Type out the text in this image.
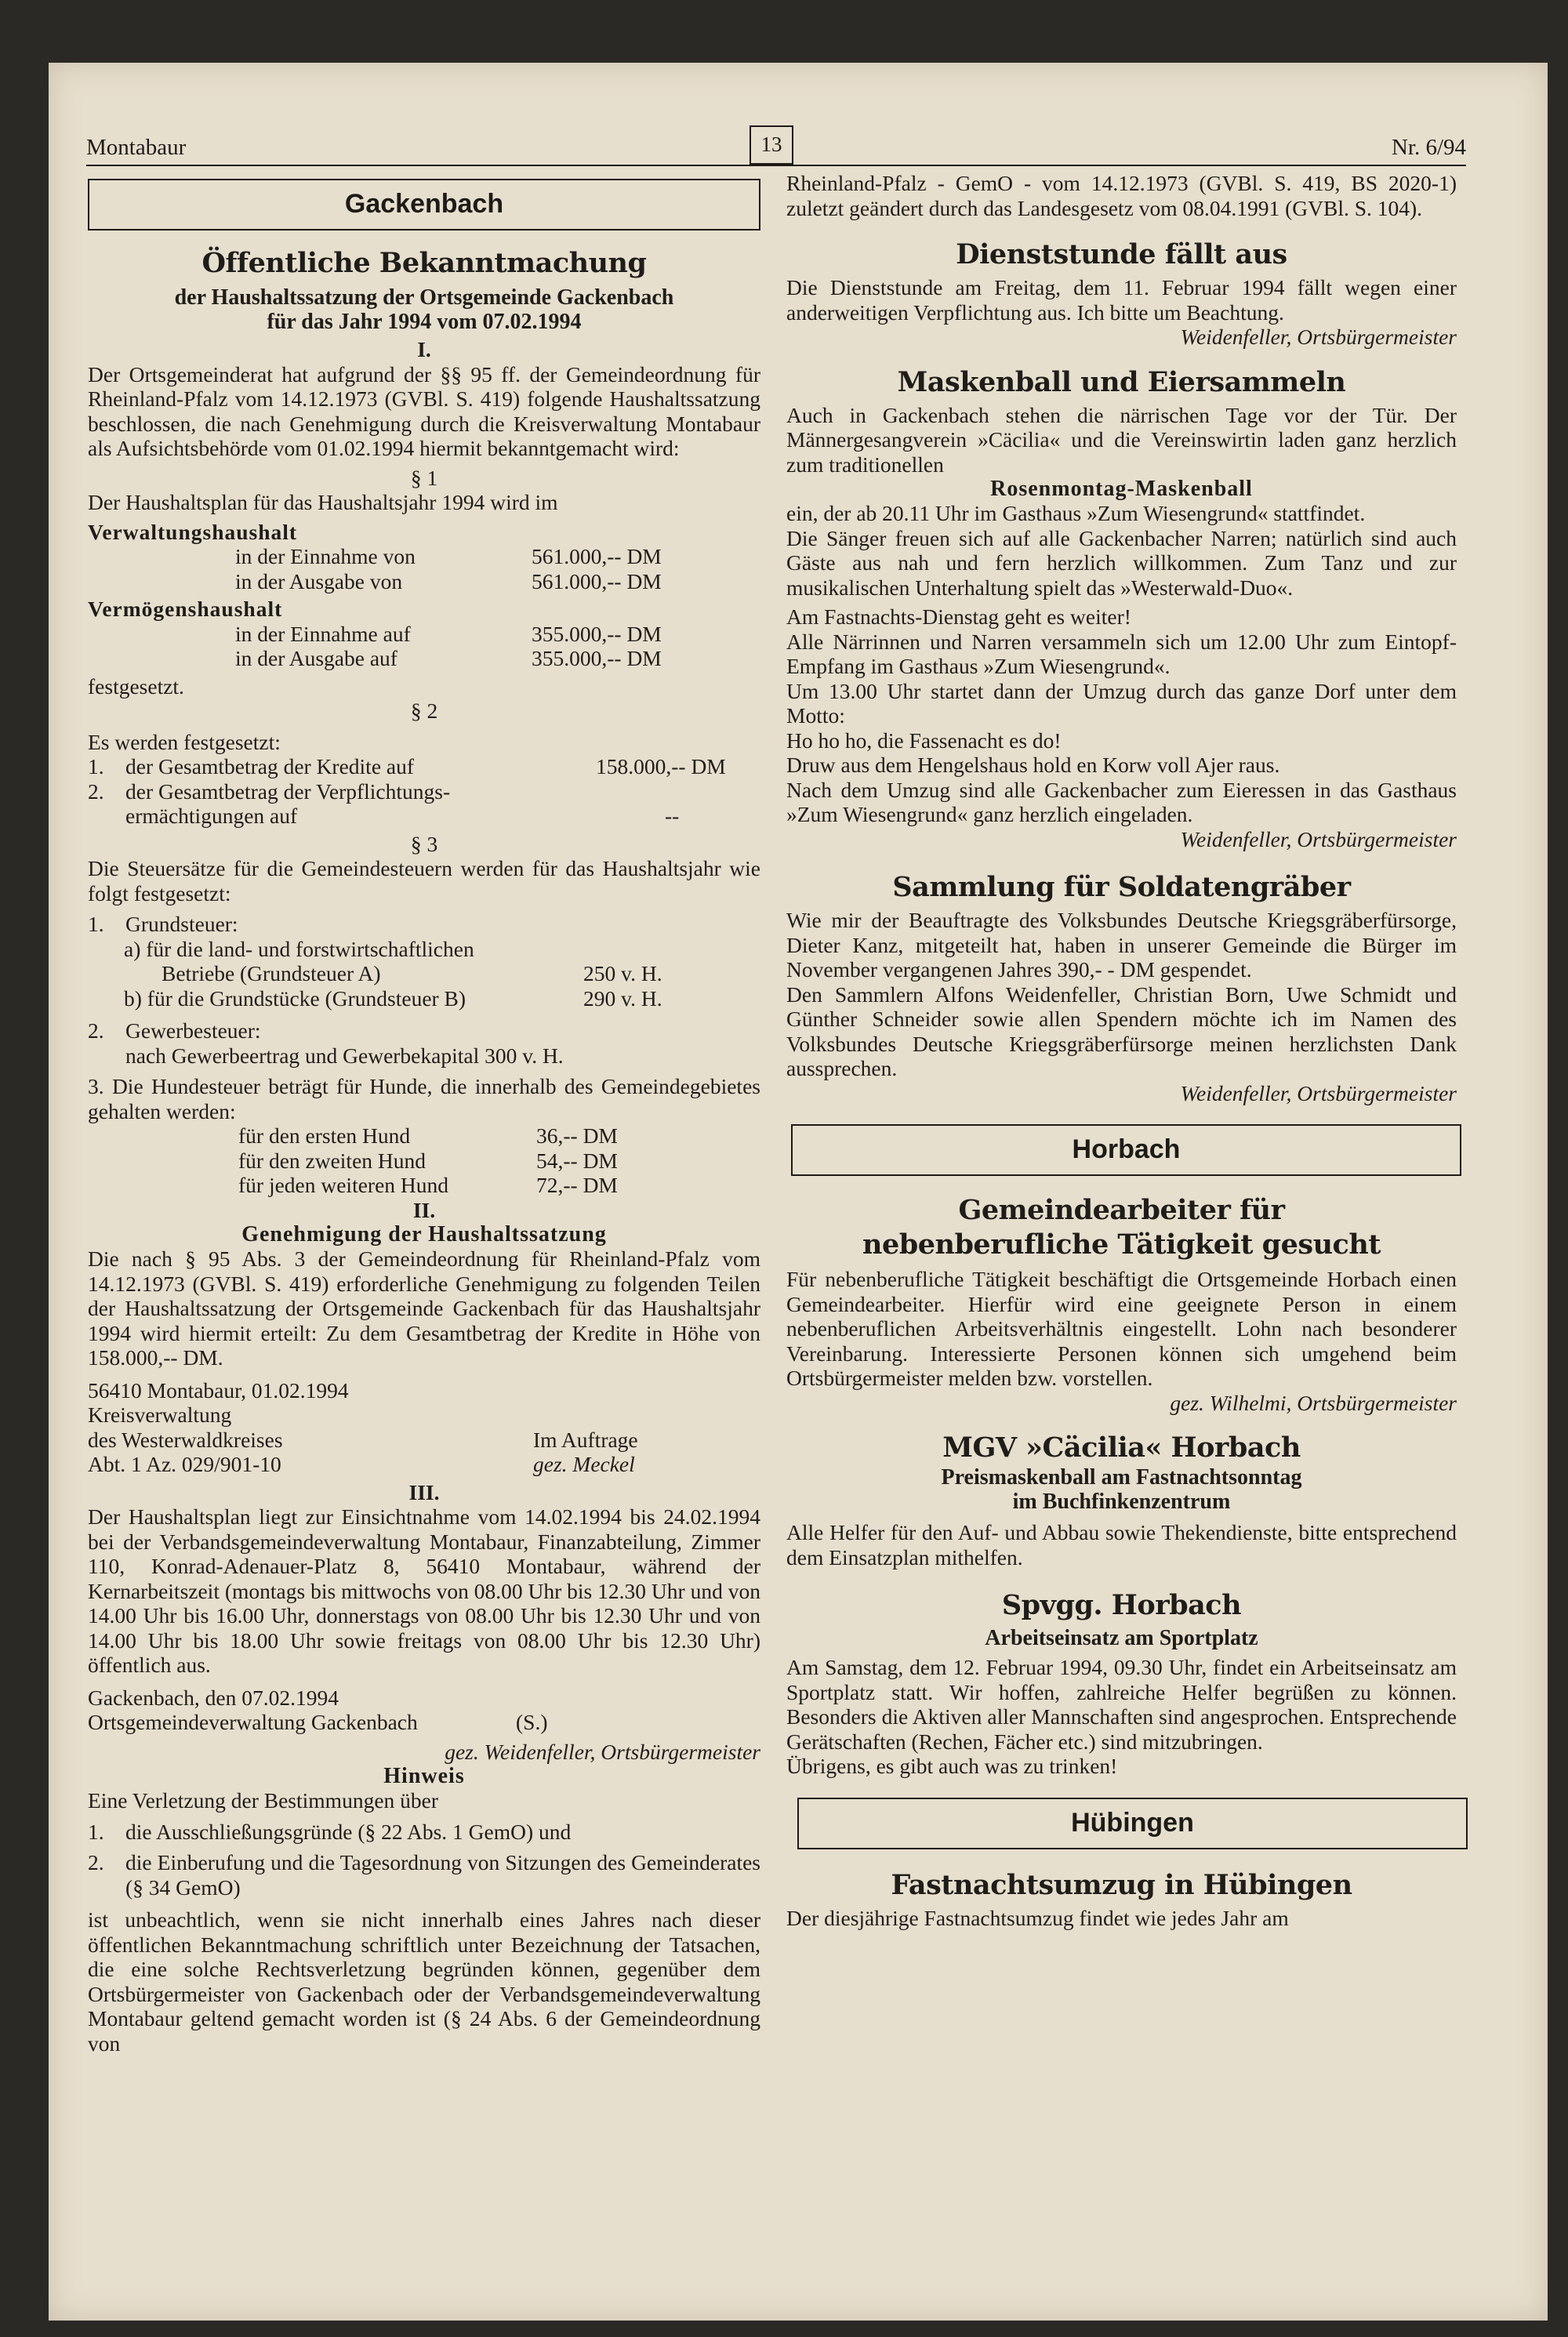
Montabaur	13	Nr. 6/94
Gackenbach
Öffentliche Bekanntmachung
der Haushaltssatzung der Ortsgemeinde Gackenbach
für das Jahr 1994 vom 07.02.1994

I.

Der Ortsgemeinderat hat aufgrund der §§ 95 ff. der Gemeindeordnung für Rheinland-Pfalz vom 14.12.1973 (GVBl. S. 419) folgende Haushaltssatzung beschlossen, die nach Genehmigung durch die Kreisverwaltung Montabaur als Aufsichtsbehörde vom 01.02.1994 hiermit bekanntgemacht wird:

§ 1

Der Haushaltsplan für das Haushaltsjahr 1994 wird im

Verwaltungshaushalt

in der Einnahme von	561.000,-- DM
in der Ausgabe von	561.000,-- DM

Vermögenshaushalt

in der Einnahme auf	355.000,-- DM
in der Ausgabe auf	355.000,-- DM

festgesetzt.

§ 2

Es werden festgesetzt:

1. der Gesamtbetrag der Kredite auf	158.000,-- DM
2. der Gesamtbetrag der Verpflichtungs-
ermächtigungen auf	--

§ 3

Die Steuersätze für die Gemeindesteuern werden für das Haushaltsjahr wie folgt festgesetzt:

1. Grundsteuer:
a) für die land- und forstwirtschaftlichen
Betriebe (Grundsteuer A)	250 v. H.
b) für die Grundstücke (Grundsteuer B)	290 v. H.
2. Gewerbesteuer:
nach Gewerbeertrag und Gewerbekapital 300 v. H.

3. Die Hundesteuer beträgt für Hunde, die innerhalb des Gemeindegebietes gehalten werden:

für den ersten Hund	36,-- DM
für den zweiten Hund	54,-- DM
für jeden weiteren Hund	72,-- DM

II.

Genehmigung der Haushaltssatzung

Die nach § 95 Abs. 3 der Gemeindeordnung für Rheinland-Pfalz vom 14.12.1973 (GVBl. S. 419) erforderliche Genehmigung zu folgenden Teilen der Haushaltssatzung der Ortsgemeinde Gackenbach für das Haushaltsjahr 1994 wird hiermit erteilt: Zu dem Gesamtbetrag der Kredite in Höhe von 158.000,-- DM.

56410 Montabaur, 01.02.1994

Kreisverwaltung

des Westerwaldkreises	Im Auftrage
Abt. 1 Az. 029/901-10	gez. Meckel

III.

Der Haushaltsplan liegt zur Einsichtnahme vom 14.02.1994 bis 24.02.1994 bei der Verbandsgemeindeverwaltung Montabaur, Finanzabteilung, Zimmer 110, Konrad-Adenauer-Platz 8, 56410 Montabaur, während der Kernarbeitszeit (montags bis mittwochs von 08.00 Uhr bis 12.30 Uhr und von 14.00 Uhr bis 16.00 Uhr, donnerstags von 08.00 Uhr bis 12.30 Uhr und von 14.00 Uhr bis 18.00 Uhr sowie freitags von 08.00 Uhr bis 12.30 Uhr) öffentlich aus.

Gackenbach, den 07.02.1994

Ortsgemeindeverwaltung Gackenbach	(S.)

gez. Weidenfeller, Ortsbürgermeister

Hinweis

Eine Verletzung der Bestimmungen über

1. die Ausschließungsgründe (§ 22 Abs. 1 GemO) und
2. die Einberufung und die Tagesordnung von Sitzungen des Gemeinderates (§ 34 GemO)

ist unbeachtlich, wenn sie nicht innerhalb eines Jahres nach dieser öffentlichen Bekanntmachung schriftlich unter Bezeichnung der Tatsachen, die eine solche Rechtsverletzung begründen können, gegenüber dem Ortsbürgermeister von Gackenbach oder der Verbandsgemeindeverwaltung Montabaur geltend gemacht worden ist (§ 24 Abs. 6 der Gemeindeordnung von

Rheinland-Pfalz - GemO - vom 14.12.1973 (GVBl. S. 419, BS 2020-1) zuletzt geändert durch das Landesgesetz vom 08.04.1991 (GVBl. S. 104).

Dienststunde fällt aus

Die Dienststunde am Freitag, dem 11. Februar 1994 fällt wegen einer anderweitigen Verpflichtung aus. Ich bitte um Beachtung.

Weidenfeller, Ortsbürgermeister

Maskenball und Eiersammeln

Auch in Gackenbach stehen die närrischen Tage vor der Tür. Der Männergesangverein »Cäcilia« und die Vereinswirtin laden ganz herzlich zum traditionellen

Rosenmontag-Maskenball

ein, der ab 20.11 Uhr im Gasthaus »Zum Wiesengrund« stattfindet.

Die Sänger freuen sich auf alle Gackenbacher Narren; natürlich sind auch Gäste aus nah und fern herzlich willkommen. Zum Tanz und zur musikalischen Unterhaltung spielt das »Westerwald-Duo«.

Am Fastnachts-Dienstag geht es weiter!

Alle Närrinnen und Narren versammeln sich um 12.00 Uhr zum Eintopf-Empfang im Gasthaus »Zum Wiesengrund«.

Um 13.00 Uhr startet dann der Umzug durch das ganze Dorf unter dem Motto:

Ho ho ho, die Fassenacht es do!

Druw aus dem Hengelshaus hold en Korw voll Ajer raus.

Nach dem Umzug sind alle Gackenbacher zum Eieressen in das Gasthaus »Zum Wiesengrund« ganz herzlich eingeladen.

Weidenfeller, Ortsbürgermeister

Sammlung für Soldatengräber

Wie mir der Beauftragte des Volksbundes Deutsche Kriegsgräberfürsorge, Dieter Kanz, mitgeteilt hat, haben in unserer Gemeinde die Bürger im November vergangenen Jahres 390,- - DM gespendet.

Den Sammlern Alfons Weidenfeller, Christian Born, Uwe Schmidt und Günther Schneider sowie allen Spendern möchte ich im Namen des Volksbundes Deutsche Kriegsgräberfürsorge meinen herzlichsten Dank aussprechen.

Weidenfeller, Ortsbürgermeister

Horbach
Gemeindearbeiter für
nebenberufliche Tätigkeit gesucht

Für nebenberufliche Tätigkeit beschäftigt die Ortsgemeinde Horbach einen Gemeindearbeiter. Hierfür wird eine geeignete Person in einem nebenberuflichen Arbeitsverhältnis eingestellt. Lohn nach besonderer Vereinbarung. Interessierte Personen können sich umgehend beim Ortsbürgermeister melden bzw. vorstellen.

gez. Wilhelmi, Ortsbürgermeister

MGV »Cäcilia« Horbach
Preismaskenball am Fastnachtsonntag
im Buchfinkenzentrum

Alle Helfer für den Auf- und Abbau sowie Thekendienste, bitte entsprechend dem Einsatzplan mithelfen.

Spvgg. Horbach
Arbeitseinsatz am Sportplatz

Am Samstag, dem 12. Februar 1994, 09.30 Uhr, findet ein Arbeitseinsatz am Sportplatz statt. Wir hoffen, zahlreiche Helfer begrüßen zu können. Besonders die Aktiven aller Mannschaften sind angesprochen. Entsprechende Gerätschaften (Rechen, Fächer etc.) sind mitzubringen.

Übrigens, es gibt auch was zu trinken!

Hübingen
Fastnachtsumzug in Hübingen

Der diesjährige Fastnachtsumzug findet wie jedes Jahr am
